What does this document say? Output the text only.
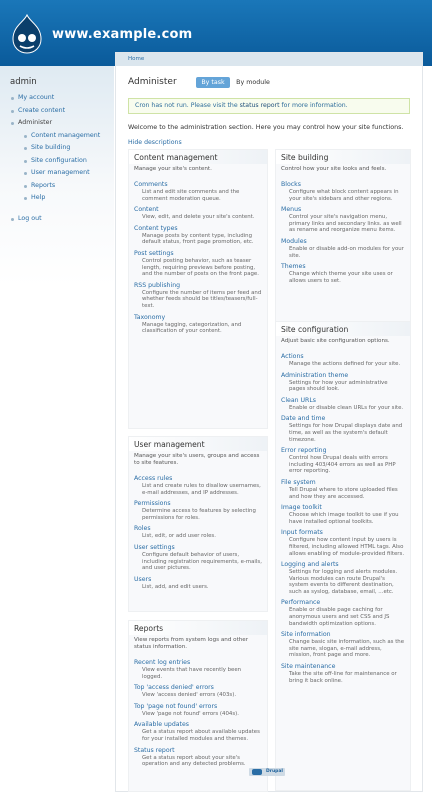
www.example.com
admin
My account
Create content
Administer
Content management
Site building
Site configuration
User management
Reports
Help
Log out
Home
Administer	By task	By module
Cron has not run. Please visit the status report for more information.
Welcome to the administration section. Here you may control how your site functions.
Hide descriptions
Content management
Manage your site's content.
Comments
List and edit site comments and the comment moderation queue.
Content
View, edit, and delete your site's content.
Content types
Manage posts by content type, including default status, front page promotion, etc.
Post settings
Control posting behavior, such as teaser length, requiring previews before posting, and the number of posts on the front page.
RSS publishing
Configure the number of items per feed and whether feeds should be titles/teasers/full-text.
Taxonomy
Manage tagging, categorization, and classification of your content.
User management
Manage your site's users, groups and access to site features.
Access rules
List and create rules to disallow usernames, e-mail addresses, and IP addresses.
Permissions
Determine access to features by selecting permissions for roles.
Roles
List, edit, or add user roles.
User settings
Configure default behavior of users, including registration requirements, e-mails, and user pictures.
Users
List, add, and edit users.
Reports
View reports from system logs and other status information.
Recent log entries
View events that have recently been logged.
Top 'access denied' errors
View 'access denied' errors (403s).
Top 'page not found' errors
View 'page not found' errors (404s).
Available updates
Get a status report about available updates for your installed modules and themes.
Status report
Get a status report about your site's operation and any detected problems.
Site building
Control how your site looks and feels.
Blocks
Configure what block content appears in your site's sidebars and other regions.
Menus
Control your site's navigation menu, primary links and secondary links. as well as rename and reorganize menu items.
Modules
Enable or disable add-on modules for your site.
Themes
Change which theme your site uses or allows users to set.
Site configuration
Adjust basic site configuration options.
Actions
Manage the actions defined for your site.
Administration theme
Settings for how your administrative pages should look.
Clean URLs
Enable or disable clean URLs for your site.
Date and time
Settings for how Drupal displays date and time, as well as the system's default timezone.
Error reporting
Control how Drupal deals with errors including 403/404 errors as well as PHP error reporting.
File system
Tell Drupal where to store uploaded files and how they are accessed.
Image toolkit
Choose which image toolkit to use if you have installed optional toolkits.
Input formats
Configure how content input by users is filtered, including allowed HTML tags. Also allows enabling of module-provided filters.
Logging and alerts
Settings for logging and alerts modules. Various modules can route Drupal's system events to different destination, such as syslog, database, email, ...etc.
Performance
Enable or disable page caching for anonymous users and set CSS and JS bandwidth optimization options.
Site information
Change basic site information, such as the site name, slogan, e-mail address, mission, front page and more.
Site maintenance
Take the site off-line for maintenance or bring it back online.
Drupal
